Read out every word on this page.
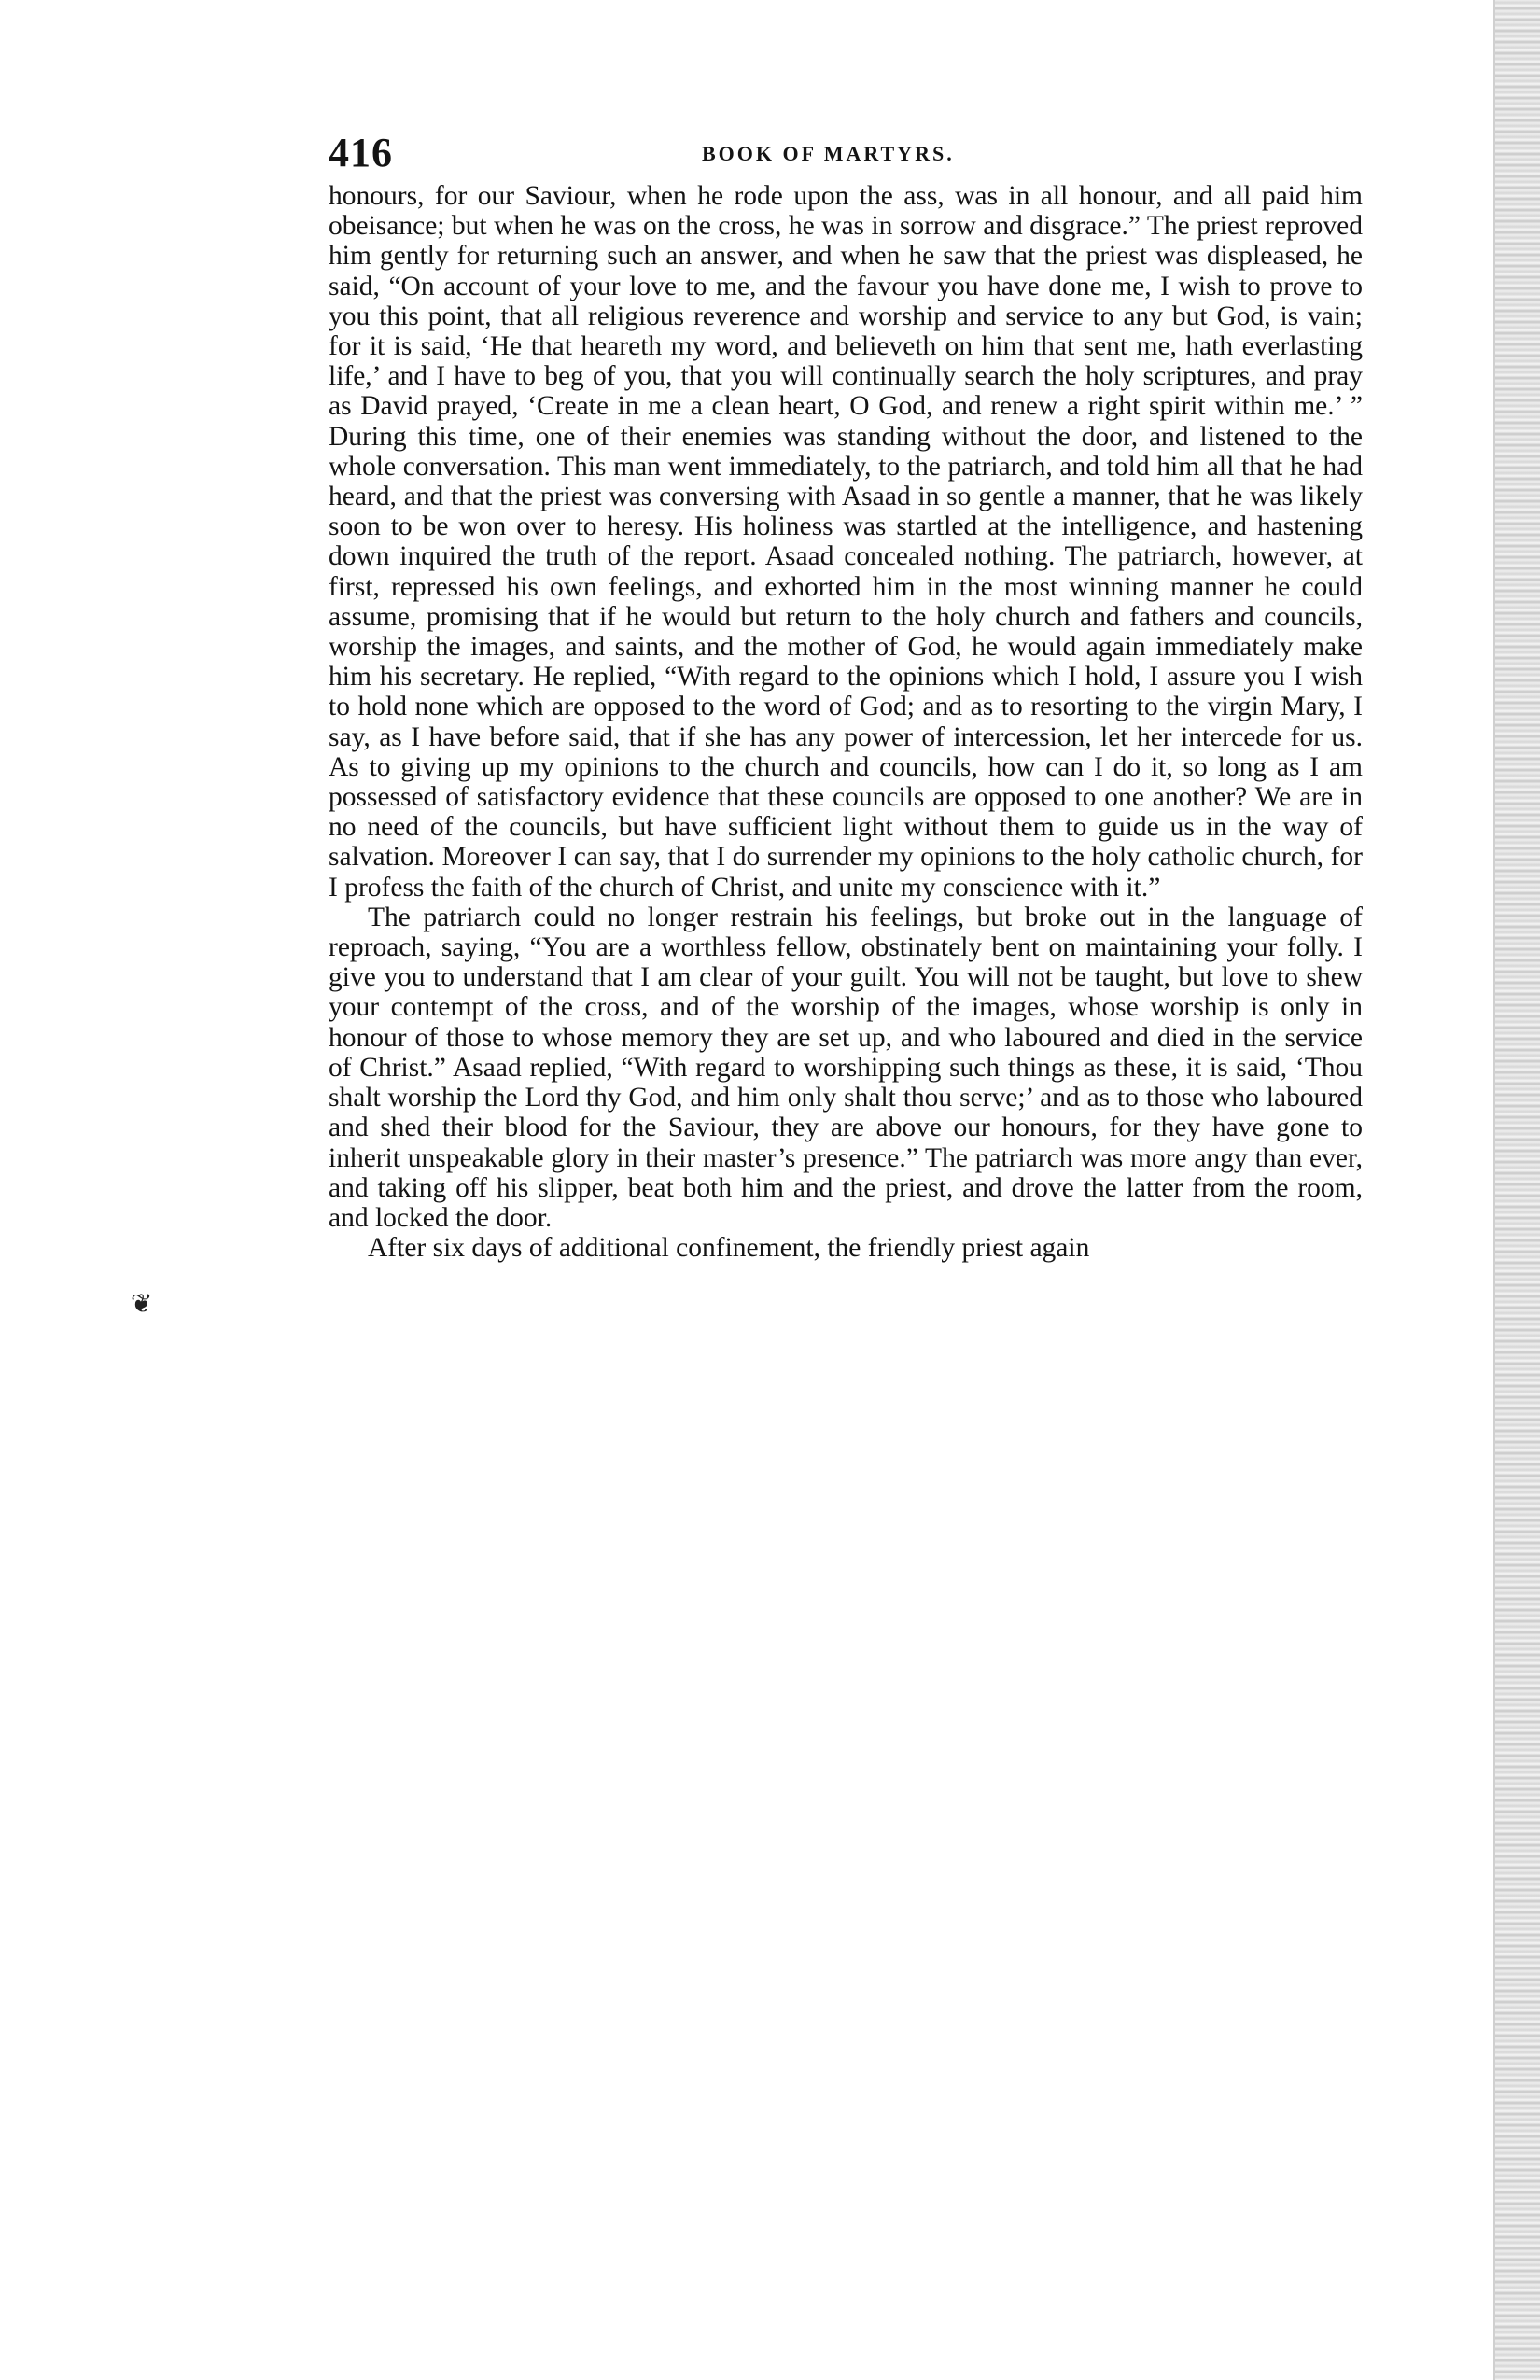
❦
416	BOOK OF MARTYRS.

honours, for our Saviour, when he rode upon the ass, was in all honour, and all paid him obeisance; but when he was on the cross, he was in sorrow and disgrace.” The priest reproved him gently for returning such an answer, and when he saw that the priest was displeased, he said, “On account of your love to me, and the favour you have done me, I wish to prove to you this point, that all religious reverence and worship and service to any but God, is vain; for it is said, ‘He that heareth my word, and believeth on him that sent me, hath everlasting life,’ and I have to beg of you, that you will continually search the holy scriptures, and pray as David prayed, ‘Create in me a clean heart, O God, and renew a right spirit within me.’ ” During this time, one of their enemies was standing without the door, and listened to the whole conversation. This man went immediately, to the patriarch, and told him all that he had heard, and that the priest was conversing with Asaad in so gentle a manner, that he was likely soon to be won over to heresy. His holiness was startled at the intelligence, and hastening down inquired the truth of the report. Asaad concealed nothing. The patriarch, however, at first, repressed his own feelings, and exhorted him in the most winning manner he could assume, promising that if he would but return to the holy church and fathers and councils, worship the images, and saints, and the mother of God, he would again immediately make him his secretary. He replied, “With regard to the opinions which I hold, I assure you I wish to hold none which are opposed to the word of God; and as to resorting to the virgin Mary, I say, as I have before said, that if she has any power of intercession, let her intercede for us. As to giving up my opinions to the church and councils, how can I do it, so long as I am possessed of satisfactory evidence that these councils are opposed to one another? We are in no need of the councils, but have sufficient light without them to guide us in the way of salvation. Moreover I can say, that I do surrender my opinions to the holy catholic church, for I profess the faith of the church of Christ, and unite my conscience with it.”

The patriarch could no longer restrain his feelings, but broke out in the language of reproach, saying, “You are a worthless fellow, obstinately bent on maintaining your folly. I give you to understand that I am clear of your guilt. You will not be taught, but love to shew your contempt of the cross, and of the worship of the images, whose worship is only in honour of those to whose memory they are set up, and who laboured and died in the service of Christ.” Asaad replied, “With regard to worshipping such things as these, it is said, ‘Thou shalt worship the Lord thy God, and him only shalt thou serve;’ and as to those who laboured and shed their blood for the Saviour, they are above our honours, for they have gone to inherit unspeakable glory in their master’s presence.” The patriarch was more angy than ever, and taking off his slipper, beat both him and the priest, and drove the latter from the room, and locked the door.

After six days of additional confinement, the friendly priest again
